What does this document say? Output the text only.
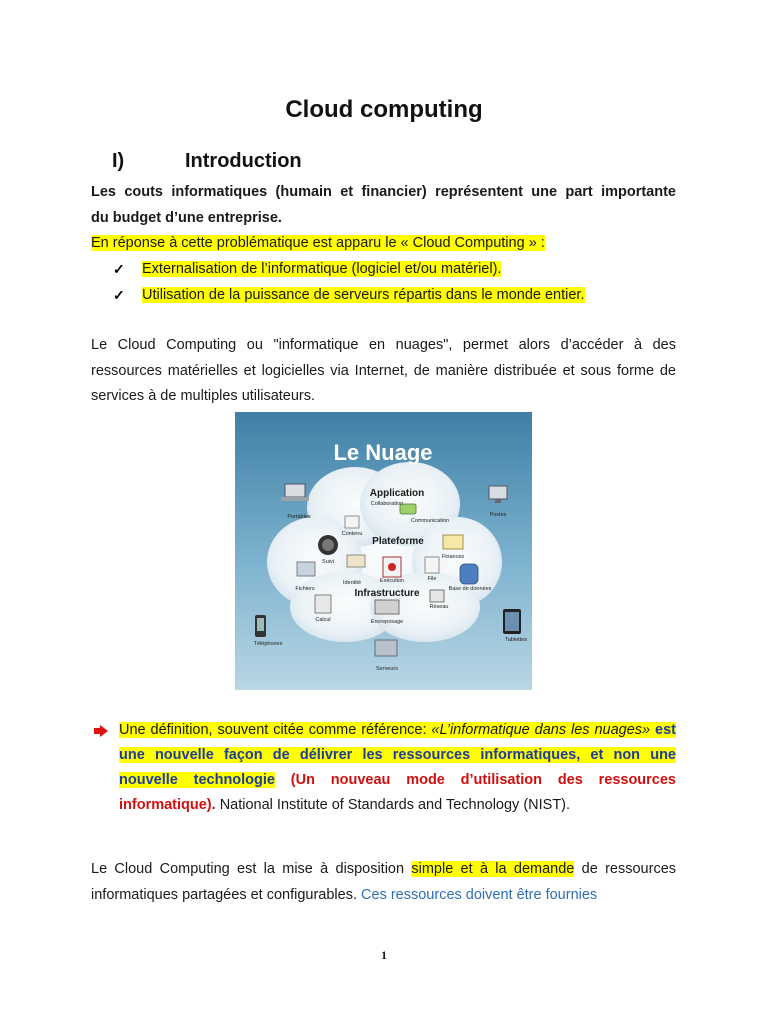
Cloud computing
I)	Introduction
Les couts informatiques (humain et financier) représentent une part importante
du budget d’une entreprise.
En réponse à cette problématique est apparu le « Cloud Computing » :
✓ Externalisation de l’informatique (logiciel et/ou matériel).
✓ Utilisation de la puissance de serveurs répartis dans le monde entier.
Le Cloud Computing ou "informatique en nuages", permet alors d’accéder à des ressources matérielles et logicielles via Internet, de manière distribuée et sous forme de services à de multiples utilisateurs.
Le Nuage
Application
Plateforme
Infrastructure
Portables	Postes
Collaboration
Communication
Contenu
Finances
Suivi
Identité	Exécution	File
Base de données
Fichiers
Réseau
Calcul	Encreposage
Téléphones
Tablettes
Serveurs
Une définition, souvent citée comme référence: «L’informatique dans les nuages» est une nouvelle façon de délivrer les ressources informatiques, et non une nouvelle technologie (Un nouveau mode d’utilisation des ressources informatique). National Institute of Standards and Technology (NIST).
Le Cloud Computing est la mise à disposition simple et à la demande de ressources informatiques partagées et configurables. Ces ressources doivent être fournies
1
